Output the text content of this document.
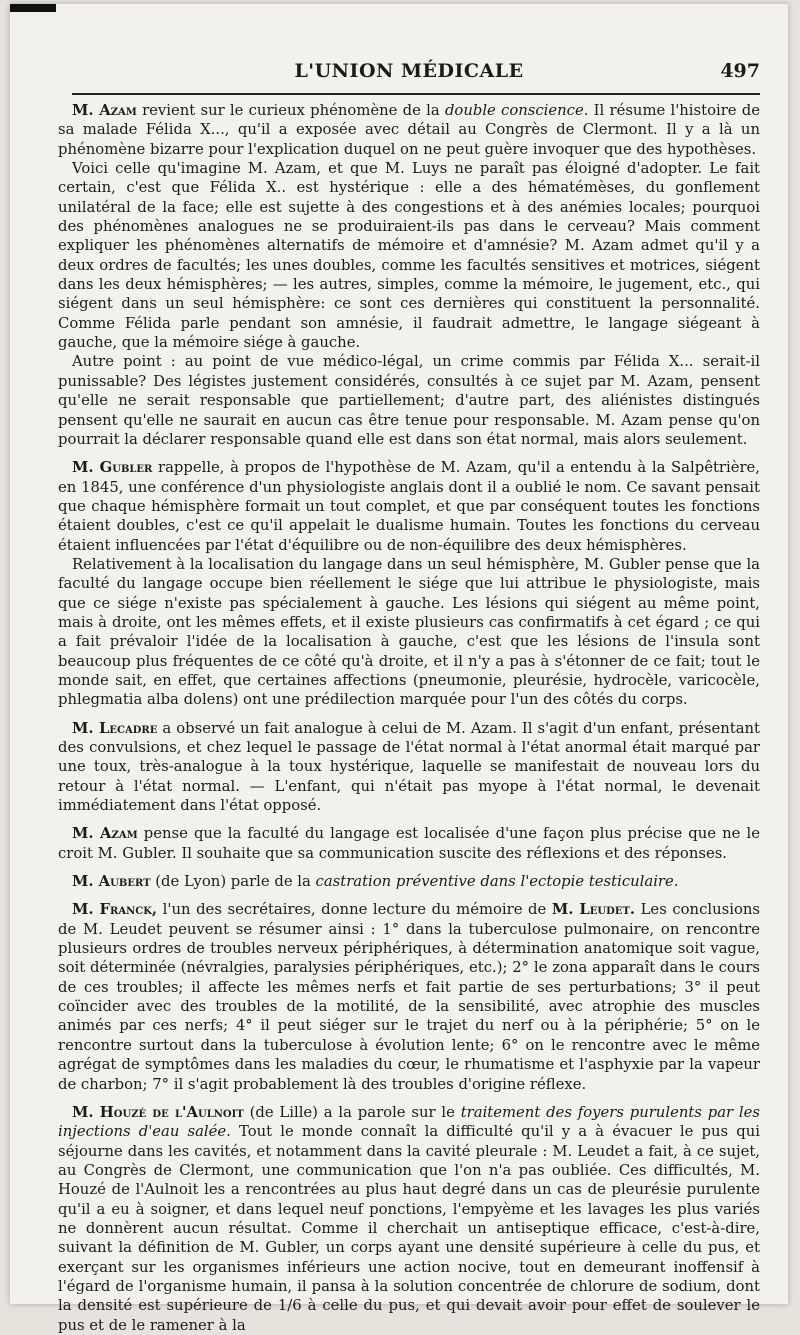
L'UNION MÉDICALE	497

M. Azam revient sur le curieux phénomène de la double conscience. Il résume l'histoire de sa malade Félida X..., qu'il a exposée avec détail au Congrès de Clermont. Il y a là un phénomène bizarre pour l'explication duquel on ne peut guère invoquer que des hypothèses.

Voici celle qu'imagine M. Azam, et que M. Luys ne paraît pas éloigné d'adopter. Le fait certain, c'est que Félida X.. est hystérique : elle a des hématémèses, du gonflement unilatéral de la face; elle est sujette à des congestions et à des anémies locales; pourquoi des phénomènes analogues ne se produiraient-ils pas dans le cerveau? Mais comment expliquer les phénomènes alternatifs de mémoire et d'amnésie? M. Azam admet qu'il y a deux ordres de facultés; les unes doubles, comme les facultés sensitives et motrices, siégent dans les deux hémisphères; — les autres, simples, comme la mémoire, le jugement, etc., qui siégent dans un seul hémisphère: ce sont ces dernières qui constituent la personnalité. Comme Félida parle pendant son amnésie, il faudrait admettre, le langage siégeant à gauche, que la mémoire siége à gauche.

Autre point : au point de vue médico-légal, un crime commis par Félida X... serait-il punissable? Des légistes justement considérés, consultés à ce sujet par M. Azam, pensent qu'elle ne serait responsable que partiellement; d'autre part, des aliénistes distingués pensent qu'elle ne saurait en aucun cas être tenue pour responsable. M. Azam pense qu'on pourrait la déclarer responsable quand elle est dans son état normal, mais alors seulement.

M. Gubler rappelle, à propos de l'hypothèse de M. Azam, qu'il a entendu à la Salpêtrière, en 1845, une conférence d'un physiologiste anglais dont il a oublié le nom. Ce savant pensait que chaque hémisphère formait un tout complet, et que par conséquent toutes les fonctions étaient doubles, c'est ce qu'il appelait le dualisme humain. Toutes les fonctions du cerveau étaient influencées par l'état d'équilibre ou de non-équilibre des deux hémisphères.

Relativement à la localisation du langage dans un seul hémisphère, M. Gubler pense que la faculté du langage occupe bien réellement le siége que lui attribue le physiologiste, mais que ce siége n'existe pas spécialement à gauche. Les lésions qui siégent au même point, mais à droite, ont les mêmes effets, et il existe plusieurs cas confirmatifs à cet égard ; ce qui a fait prévaloir l'idée de la localisation à gauche, c'est que les lésions de l'insula sont beaucoup plus fréquentes de ce côté qu'à droite, et il n'y a pas à s'étonner de ce fait; tout le monde sait, en effet, que certaines affections (pneumonie, pleurésie, hydrocèle, varicocèle, phlegmatia alba dolens) ont une prédilection marquée pour l'un des côtés du corps.

M. Lecadre a observé un fait analogue à celui de M. Azam. Il s'agit d'un enfant, présentant des convulsions, et chez lequel le passage de l'état normal à l'état anormal était marqué par une toux, très-analogue à la toux hystérique, laquelle se manifestait de nouveau lors du retour à l'état normal. — L'enfant, qui n'était pas myope à l'état normal, le devenait immédiatement dans l'état opposé.

M. Azam pense que la faculté du langage est localisée d'une façon plus précise que ne le croit M. Gubler. Il souhaite que sa communication suscite des réflexions et des réponses.

M. Aubert (de Lyon) parle de la castration préventive dans l'ectopie testiculaire.

M. Franck, l'un des secrétaires, donne lecture du mémoire de M. Leudet. Les conclusions de M. Leudet peuvent se résumer ainsi : 1° dans la tuberculose pulmonaire, on rencontre plusieurs ordres de troubles nerveux périphériques, à détermination anatomique soit vague, soit déterminée (névralgies, paralysies périphériques, etc.); 2° le zona apparaît dans le cours de ces troubles; il affecte les mêmes nerfs et fait partie de ses perturbations; 3° il peut coïncider avec des troubles de la motilité, de la sensibilité, avec atrophie des muscles animés par ces nerfs; 4° il peut siéger sur le trajet du nerf ou à la périphérie; 5° on le rencontre surtout dans la tuberculose à évolution lente; 6° on le rencontre avec le même agrégat de symptômes dans les maladies du cœur, le rhumatisme et l'asphyxie par la vapeur de charbon; 7° il s'agit probablement là des troubles d'origine réflexe.

M. Houzé de l'Aulnoit (de Lille) a la parole sur le traitement des foyers purulents par les injections d'eau salée. Tout le monde connaît la difficulté qu'il y a à évacuer le pus qui séjourne dans les cavités, et notamment dans la cavité pleurale : M. Leudet a fait, à ce sujet, au Congrès de Clermont, une communication que l'on n'a pas oubliée. Ces difficultés, M. Houzé de l'Aulnoit les a rencontrées au plus haut degré dans un cas de pleurésie purulente qu'il a eu à soigner, et dans lequel neuf ponctions, l'empyème et les lavages les plus variés ne donnèrent aucun résultat. Comme il cherchait un antiseptique efficace, c'est-à-dire, suivant la définition de M. Gubler, un corps ayant une densité supérieure à celle du pus, et exerçant sur les organismes inférieurs une action nocive, tout en demeurant inoffensif à l'égard de l'organisme humain, il pansa à la solution concentrée de chlorure de sodium, dont la densité est supérieure de 1/6 à celle du pus, et qui devait avoir pour effet de soulever le pus et de le ramener à la
